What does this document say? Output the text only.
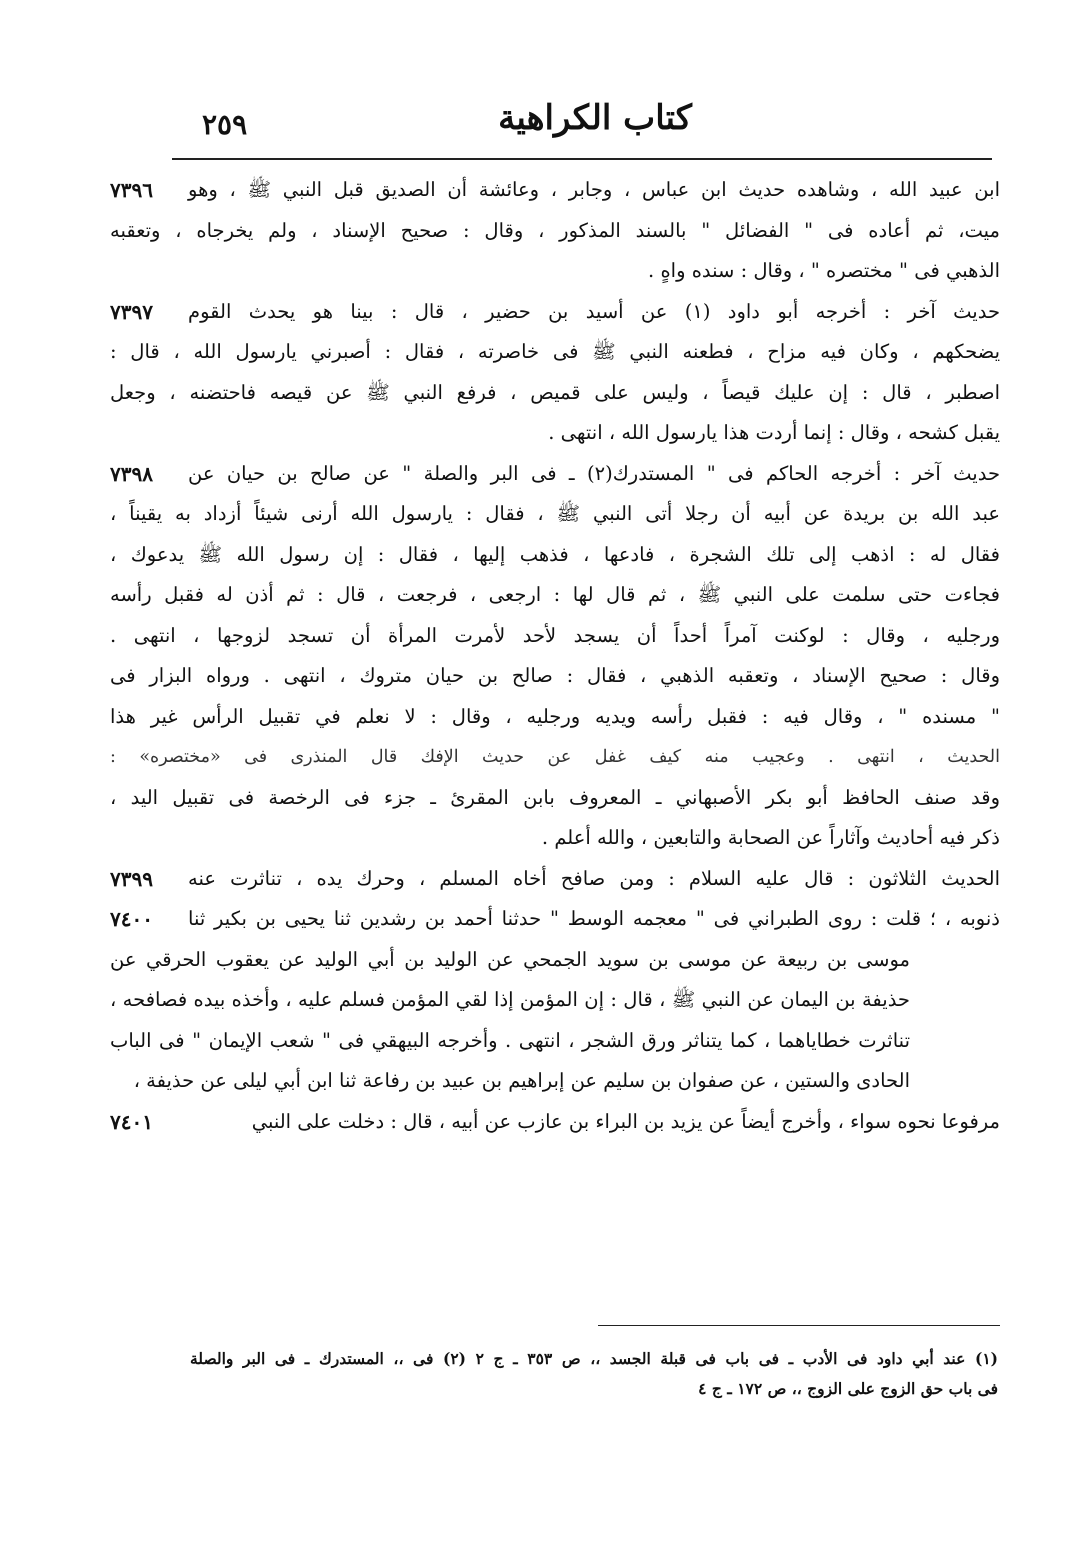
كتاب الكراهية
٢٥٩
ابن عبيد الله ، وشاهده حديث ابن عباس ، وجابر ، وعائشة أن الصديق قبل النبي ﷺ ، وهو
٧٣٩٦
ميت، ثم أعاده فى " الفضائل " بالسند المذكور ، وقال : صحيح الإسناد ، ولم يخرجاه ، وتعقبه
الذهبي فى " مختصره " ، وقال : سنده واهٍ .
حديث آخر : أخرجه أبو داود (١) عن أسيد بن حضير ، قال : بينا هو يحدث القوم
٧٣٩٧
يضحكهم ، وكان فيه مزاح ، فطعنه النبي ﷺ فى خاصرته ، فقال : أصبرني يارسول الله ، قال :
اصطبر ، قال : إن عليك قيصاً ، وليس على قميص ، فرفع النبي ﷺ عن قيصه فاحتضنه ، وجعل
يقبل كشحه ، وقال : إنما أردت هذا يارسول الله ، انتهى .
حديث آخر : أخرجه الحاكم فى " المستدرك(٢) ـ فى البر والصلة " عن صالح بن حيان عن
٧٣٩٨
عبد الله بن بريدة عن أبيه أن رجلا أتى النبي ﷺ ، فقال : يارسول الله أرنى شيئاً أزداد به يقيناً ،
فقال له : اذهب إلى تلك الشجرة ، فادعها ، فذهب إليها ، فقال : إن رسول الله ﷺ يدعوك ،
فجاءت حتى سلمت على النبي ﷺ ، ثم قال لها : ارجعى ، فرجعت ، قال : ثم أذن له فقبل رأسه
ورجليه ، وقال : لوكنت آمراً أحداً أن يسجد لأحد لأمرت المرأة أن تسجد لزوجها ، انتهى .
وقال : صحيح الإسناد ، وتعقبه الذهبي ، فقال : صالح بن حيان متروك ، انتهى . ورواه البزار فى
" مسنده " ، وقال فيه : فقبل رأسه ويديه ورجليه ، وقال : لا نعلم في تقبيل الرأس غير هذا
الحديث ، انتهى . وعجيب منه كيف غفل عن حديث الإفك قال المنذرى فى «مختصره» :
وقد صنف الحافظ أبو بكر الأصبهاني ـ المعروف بابن المقرئ ـ جزء فى الرخصة فى تقبيل اليد ،
ذكر فيه أحاديث وآثاراً عن الصحابة والتابعين ، والله أعلم .
الحديث الثلاثون : قال عليه السلام : ومن صافح أخاه المسلم ، وحرك يده ، تناثرت عنه
٧٣٩٩
ذنوبه ، ؛ قلت : روى الطبراني فى " معجمه الوسط " حدثنا أحمد بن رشدين ثنا يحيى بن بكير ثنا
٧٤٠٠
موسى بن ربيعة عن موسى بن سويد الجمحي عن الوليد بن أبي الوليد عن يعقوب الحرقي عن
حذيفة بن اليمان عن النبي ﷺ ، قال : إن المؤمن إذا لقي المؤمن فسلم عليه ، وأخذه بيده فصافحه ،
تناثرت خطاياهما ، كما يتناثر ورق الشجر ، انتهى . وأخرجه البيهقي فى " شعب الإيمان " فى الباب
الحادى والستين ، عن صفوان بن سليم عن إبراهيم بن عبيد بن رفاعة ثنا ابن أبي ليلى عن حذيفة ،
مرفوعا نحوه سواء ، وأخرج أيضاً عن يزيد بن البراء بن عازب عن أبيه ، قال : دخلت على النبي
٧٤٠١
(١) عند أبي داود فى الأدب ـ فى باب فى قبلة الجسد ،، ص ٣٥٣ ـ ج ٢ (٢) فى ،، المستدرك ـ فى البر والصلة
فى باب حق الزوج على الزوج ،، ص ١٧٢ ـ ج ٤
